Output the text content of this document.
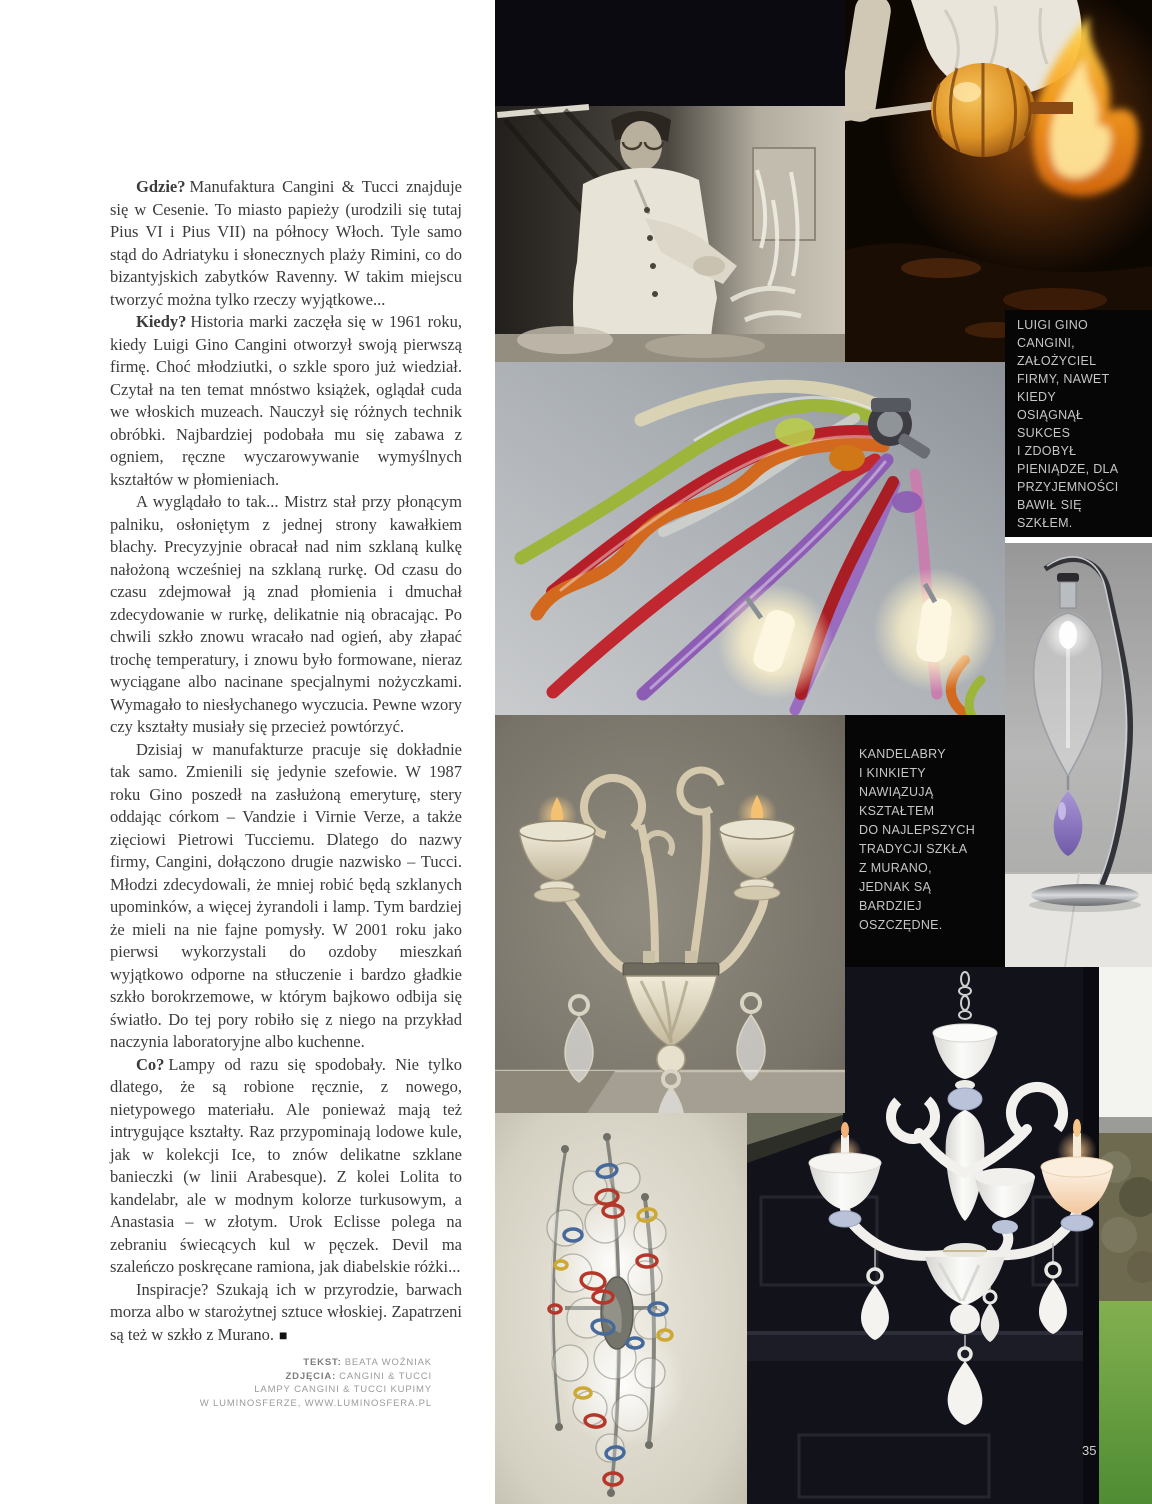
Gdzie? Manufaktura Cangini & Tucci znajduje się w Cesenie. To miasto papieży (urodzili się tutaj Pius VI i Pius VII) na północy Włoch. Tyle samo stąd do Adriatyku i słonecznych plaży Rimini, co do bizantyjskich zabytków Ravenny. W takim miejscu tworzyć można tylko rzeczy wyjątkowe...

Kiedy? Historia marki zaczęła się w 1961 roku, kiedy Luigi Gino Cangini otworzył swoją pierwszą firmę. Choć młodziutki, o szkle sporo już wiedział. Czytał na ten temat mnóstwo książek, oglądał cuda we włoskich muzeach. Nauczył się różnych technik obróbki. Najbardziej podobała mu się zabawa z ogniem, ręczne wyczarowywanie wymyślnych kształtów w płomieniach.

A wyglądało to tak... Mistrz stał przy płonącym palniku, osłoniętym z jednej strony kawałkiem blachy. Precyzyjnie obracał nad nim szklaną kulkę nałożoną wcześniej na szklaną rurkę. Od czasu do czasu zdejmował ją znad płomienia i dmuchał zdecydowanie w rurkę, delikatnie nią obracając. Po chwili szkło znowu wracało nad ogień, aby złapać trochę temperatury, i znowu było formowane, nieraz wyciągane albo nacinane specjalnymi nożyczkami. Wymagało to niesłychanego wyczucia. Pewne wzory czy kształty musiały się przecież powtórzyć.

Dzisiaj w manufakturze pracuje się dokładnie tak samo. Zmienili się jedynie szefowie. W 1987 roku Gino poszedł na zasłużoną emeryturę, stery oddając córkom – Vandzie i Virnie Verze, a także zięciowi Pietrowi Tucciemu. Dlatego do nazwy firmy, Cangini, dołączono drugie nazwisko – Tucci. Młodzi zdecydowali, że mniej robić będą szklanych upominków, a więcej żyrandoli i lamp. Tym bardziej że mieli na nie fajne pomysły. W 2001 roku jako pierwsi wykorzystali do ozdoby mieszkań wyjątkowo odporne na stłuczenie i bardzo gładkie szkło borokrzemowe, w którym bajkowo odbija się światło. Do tej pory robiło się z niego na przykład naczynia laboratoryjne albo kuchenne.

Co? Lampy od razu się spodobały. Nie tylko dlatego, że są robione ręcznie, z nowego, nietypowego materiału. Ale ponieważ mają też intrygujące kształty. Raz przypominają lodowe kule, jak w kolekcji Ice, to znów delikatne szklane banieczki (w linii Arabesque). Z kolei Lolita to kandelabr, ale w modnym kolorze turkusowym, a Anastasia – w złotym. Urok Eclisse polega na zebraniu świecących kul w pęczek. Devil ma szaleńczo poskręcane ramiona, jak diabelskie różki...

Inspiracje? Szukają ich w przyrodzie, barwach morza albo w starożytnej sztuce włoskiej. Zapatrzeni są też w szkło z Murano. ■

TEKST: BEATA WOŹNIAK
ZDJĘCIA: CANGINI & TUCCI
LAMPY CANGINI & TUCCI KUPIMY
W LUMINOSFERZE, WWW.LUMINOSFERA.PL
LUIGI GINO
CANGINI,
ZAŁOŻYCIEL
FIRMY, NAWET
KIEDY
OSIĄGNĄŁ
SUKCES
I ZDOBYŁ
PIENIĄDZE, DLA
PRZYJEMNOŚCI
BAWIŁ SIĘ
SZKŁEM.
KANDELABRY
I KINKIETY
NAWIĄZUJĄ
KSZTAŁTEM
DO NAJLEPSZYCH
TRADYCJI SZKŁA
Z MURANO,
JEDNAK SĄ
BARDZIEJ
OSZCZĘDNE.
35
